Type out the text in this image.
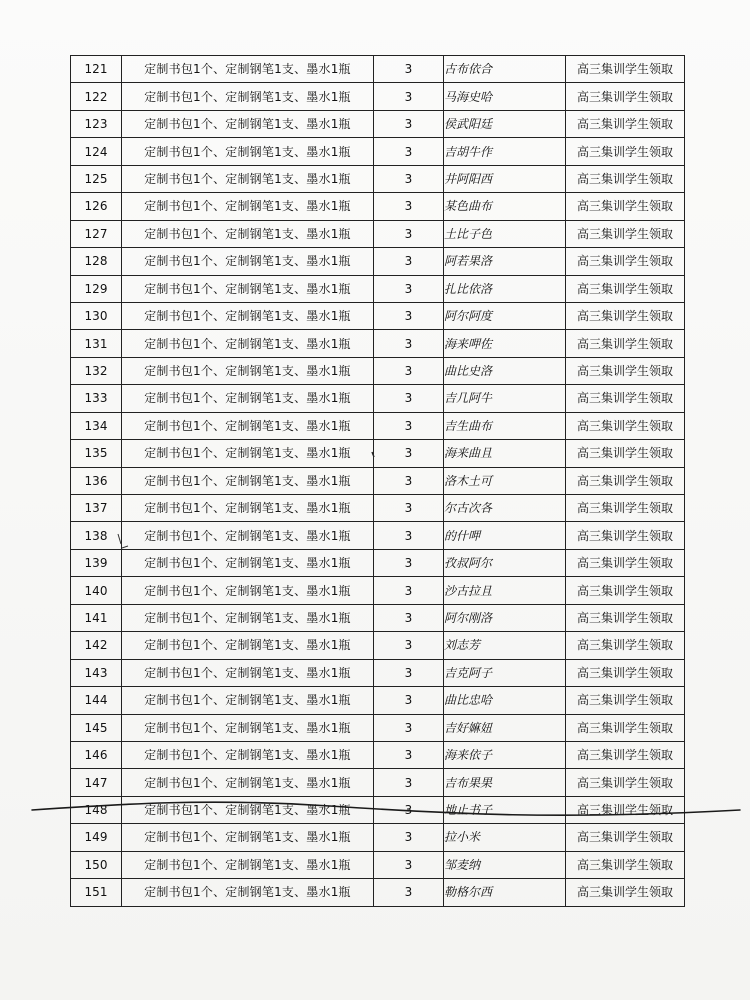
121	定制书包1个、定制钢笔1支、墨水1瓶	3	古布依合	高三集训学生领取
122	定制书包1个、定制钢笔1支、墨水1瓶	3	马海史哈	高三集训学生领取
123	定制书包1个、定制钢笔1支、墨水1瓶	3	侯武阳廷	高三集训学生领取
124	定制书包1个、定制钢笔1支、墨水1瓶	3	吉胡牛作	高三集训学生领取
125	定制书包1个、定制钢笔1支、墨水1瓶	3	井阿阳西	高三集训学生领取
126	定制书包1个、定制钢笔1支、墨水1瓶	3	某色曲布	高三集训学生领取
127	定制书包1个、定制钢笔1支、墨水1瓶	3	土比子色	高三集训学生领取
128	定制书包1个、定制钢笔1支、墨水1瓶	3	阿若果洛	高三集训学生领取
129	定制书包1个、定制钢笔1支、墨水1瓶	3	扎比依洛	高三集训学生领取
130	定制书包1个、定制钢笔1支、墨水1瓶	3	阿尔阿度	高三集训学生领取
131	定制书包1个、定制钢笔1支、墨水1瓶	3	海来呷佐	高三集训学生领取
132	定制书包1个、定制钢笔1支、墨水1瓶	3	曲比史洛	高三集训学生领取
133	定制书包1个、定制钢笔1支、墨水1瓶	3	吉几阿牛	高三集训学生领取
134	定制书包1个、定制钢笔1支、墨水1瓶	3	吉生曲布	高三集训学生领取
135	定制书包1个、定制钢笔1支、墨水1瓶	3	海来曲且	高三集训学生领取
136	定制书包1个、定制钢笔1支、墨水1瓶	3	洛木土可	高三集训学生领取
137	定制书包1个、定制钢笔1支、墨水1瓶	3	尔古次各	高三集训学生领取
138	定制书包1个、定制钢笔1支、墨水1瓶	3	的什呷	高三集训学生领取
139	定制书包1个、定制钢笔1支、墨水1瓶	3	孜叔阿尔	高三集训学生领取
140	定制书包1个、定制钢笔1支、墨水1瓶	3	沙古拉且	高三集训学生领取
141	定制书包1个、定制钢笔1支、墨水1瓶	3	阿尔刚洛	高三集训学生领取
142	定制书包1个、定制钢笔1支、墨水1瓶	3	刘志芳	高三集训学生领取
143	定制书包1个、定制钢笔1支、墨水1瓶	3	吉克阿子	高三集训学生领取
144	定制书包1个、定制钢笔1支、墨水1瓶	3	曲比忠哈	高三集训学生领取
145	定制书包1个、定制钢笔1支、墨水1瓶	3	吉好嫲妞	高三集训学生领取
146	定制书包1个、定制钢笔1支、墨水1瓶	3	海来依子	高三集训学生领取
147	定制书包1个、定制钢笔1支、墨水1瓶	3	吉布果果	高三集训学生领取
148	定制书包1个、定制钢笔1支、墨水1瓶	3	地止书子	高三集训学生领取
149	定制书包1个、定制钢笔1支、墨水1瓶	3	拉小米	高三集训学生领取
150	定制书包1个、定制钢笔1支、墨水1瓶	3	邹麦纳	高三集训学生领取
151	定制书包1个、定制钢笔1支、墨水1瓶	3	勒格尔西	高三集训学生领取
